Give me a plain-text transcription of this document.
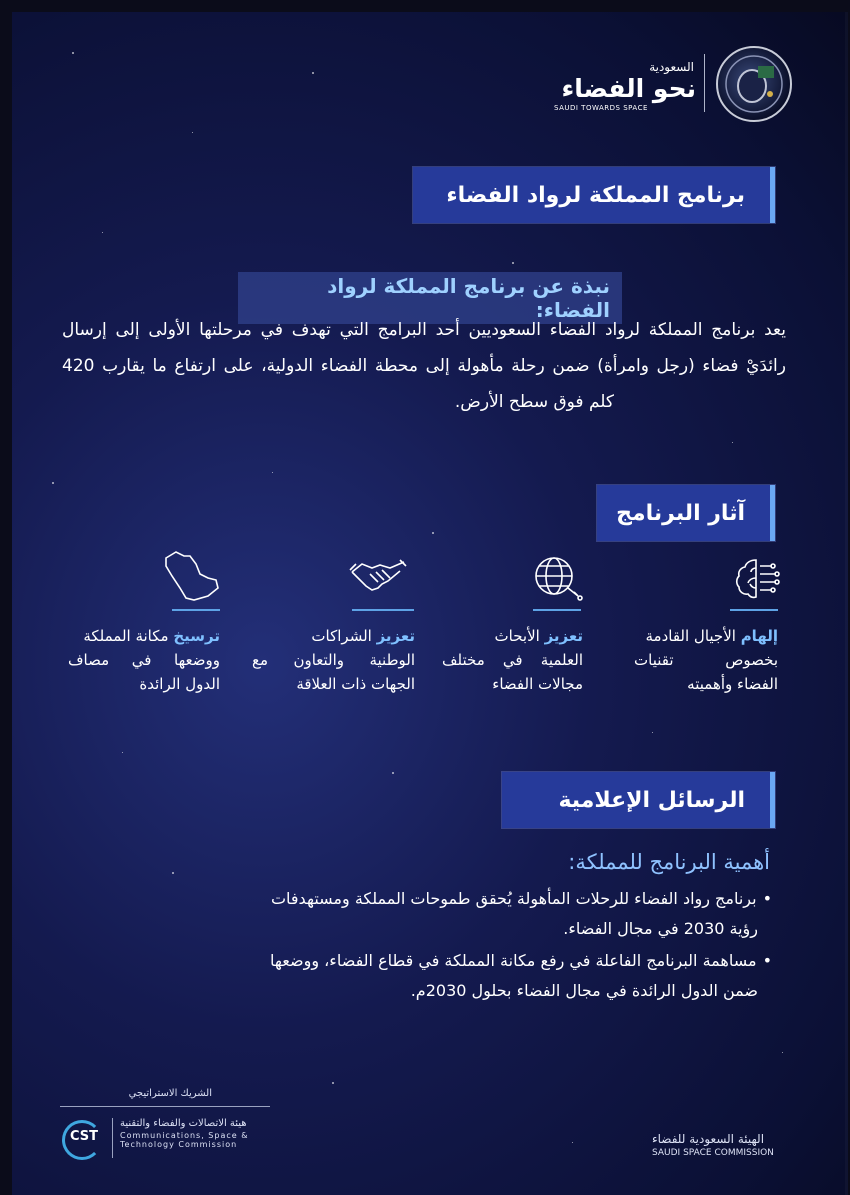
السعودية
نحو الفضاء
SAUDI TOWARDS SPACE
برنامج المملكة لرواد الفضاء
نبذة عن برنامج المملكة لرواد الفضاء:
يعد برنامج المملكة لرواد الفضاء السعوديين أحد البرامج التي تهدف في مرحلتها الأولى إلى إرسال
رائدَيْ فضاء (رجل وامرأة) ضمن رحلة مأهولة إلى محطة الفضاء الدولية، على ارتفاع ما يقارب 420
كلم فوق سطح الأرض.
آثار البرنامج
إلهام الأجيال القادمة
بخصوص تقنيات
الفضاء وأهميته
تعزيز الأبحاث
العلمية في مختلف
مجالات الفضاء
تعزيز الشراكات
الوطنية والتعاون مع
الجهات ذات العلاقة
ترسيخ مكانة المملكة
ووضعها في مصاف
الدول الرائدة
الرسائل الإعلامية
أهمية البرنامج للمملكة:
•برنامج رواد الفضاء للرحلات المأهولة يُحقق طموحات المملكة ومستهدفات
رؤية 2030 في مجال الفضاء.
•مساهمة البرنامج الفاعلة في رفع مكانة المملكة في قطاع الفضاء، ووضعها
ضمن الدول الرائدة في مجال الفضاء بحلول 2030م.
الشريك الاستراتيجي
CST
هيئة الاتصالات والفضاء والتقنية
Communications, Space &
Technology Commission	الهيئة السعودية للفضاء
SAUDI SPACE COMMISSION
